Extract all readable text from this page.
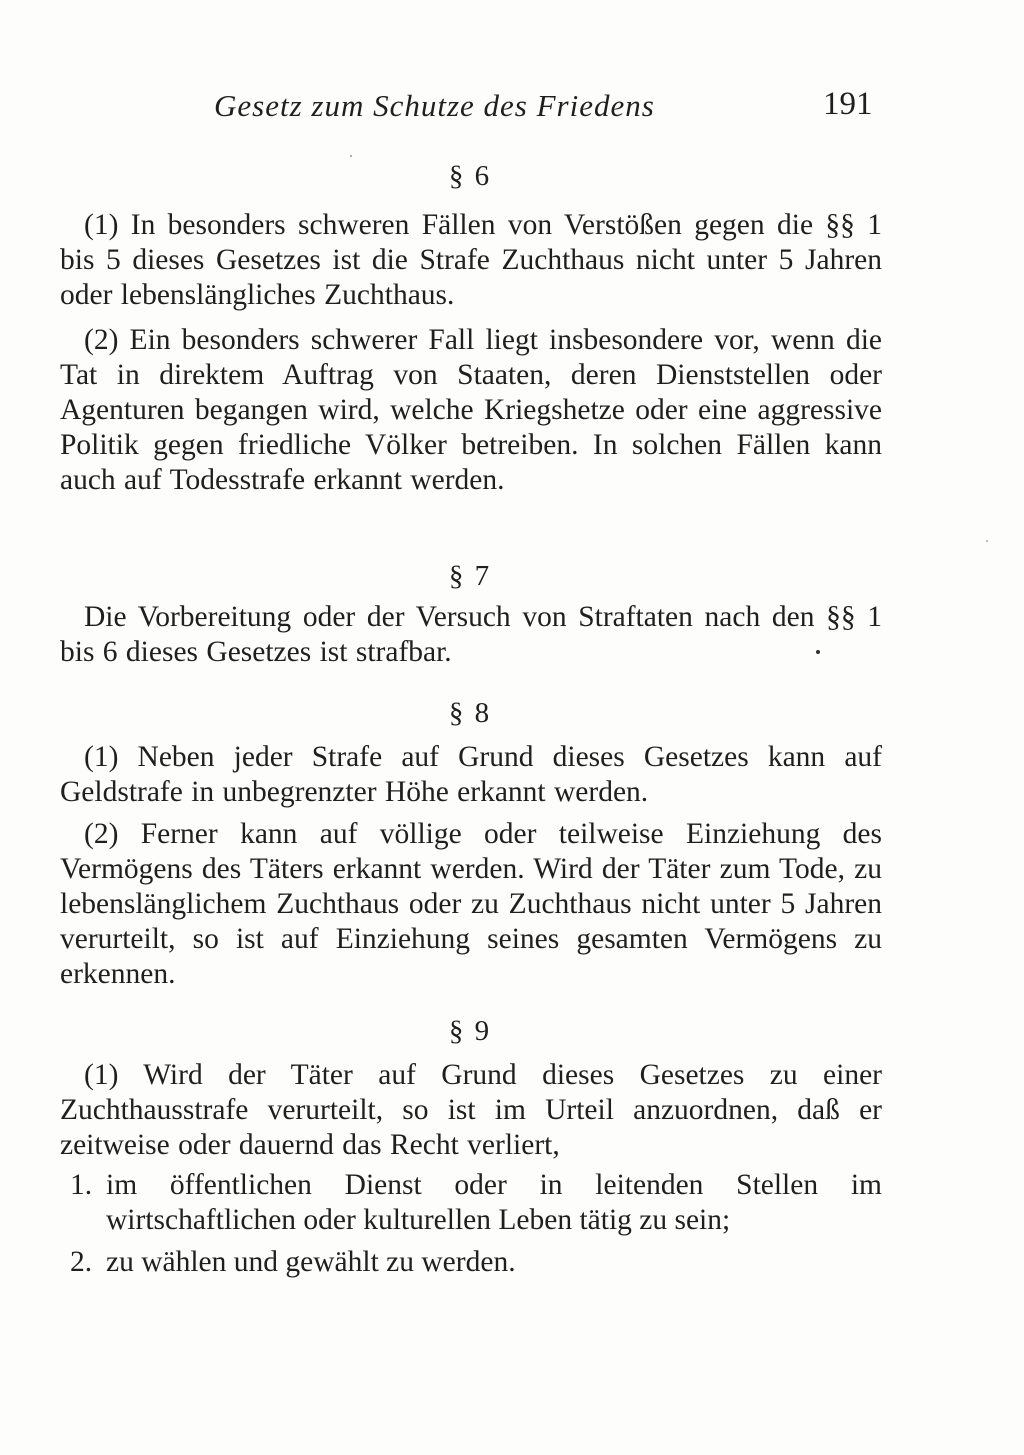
Gesetz zum Schutze des Friedens	191
§ 6

(1) In besonders schweren Fällen von Verstößen gegen die §§ 1 bis 5 dieses Gesetzes ist die Strafe Zuchthaus nicht unter 5 Jahren oder lebenslängliches Zuchthaus.

(2) Ein besonders schwerer Fall liegt insbesondere vor, wenn die Tat in direktem Auftrag von Staaten, deren Dienststellen oder Agenturen begangen wird, welche Kriegshetze oder eine aggressive Politik gegen friedliche Völker betreiben. In solchen Fällen kann auch auf Todesstrafe erkannt werden.

§ 7

Die Vorbereitung oder der Versuch von Straftaten nach den §§ 1 bis 6 dieses Gesetzes ist strafbar.

§ 8

(1) Neben jeder Strafe auf Grund dieses Gesetzes kann auf Geldstrafe in unbegrenzter Höhe erkannt werden.

(2) Ferner kann auf völlige oder teilweise Einziehung des Vermögens des Täters erkannt werden. Wird der Täter zum Tode, zu lebenslänglichem Zuchthaus oder zu Zuchthaus nicht unter 5 Jahren verurteilt, so ist auf Einziehung seines gesamten Vermögens zu erkennen.

§ 9

(1) Wird der Täter auf Grund dieses Gesetzes zu einer Zuchthausstrafe verurteilt, so ist im Urteil anzuordnen, daß er zeitweise oder dauernd das Recht verliert,

1. im öffentlichen Dienst oder in leitenden Stellen im wirtschaftlichen oder kulturellen Leben tätig zu sein;
2. zu wählen und gewählt zu werden.
